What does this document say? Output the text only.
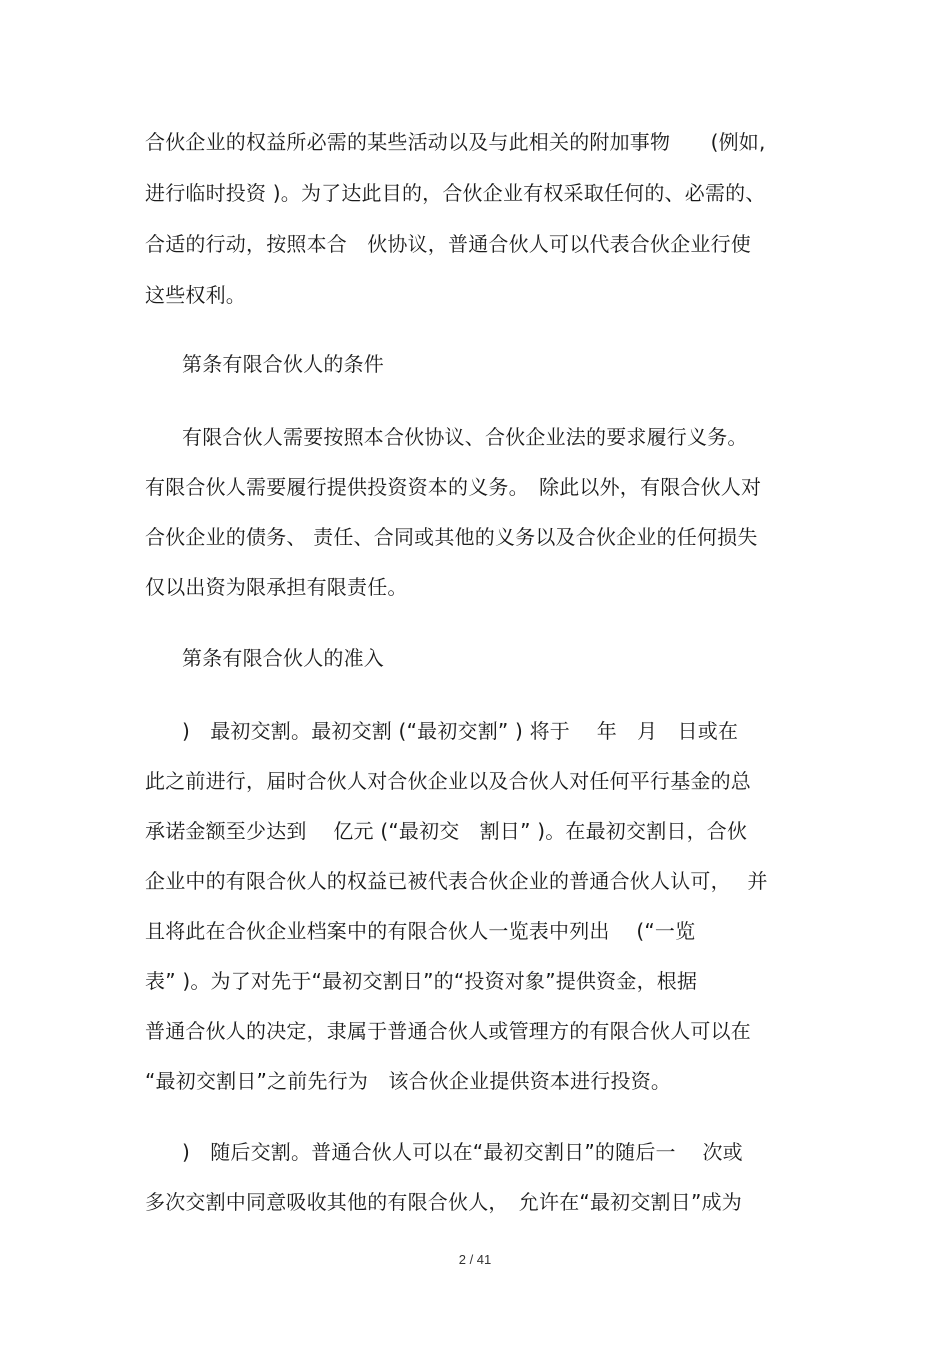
合伙企业的权益所必需的某些活动以及与此相关的附加事物　　(例如,
进行临时投资 )。为了达此目的，合伙企业有权采取任何的、必需的、
合适的行动，按照本合　伙协议，普通合伙人可以代表合伙企业行使
这些权利。
第条有限合伙人的条件
有限合伙人需要按照本合伙协议、合伙企业法的要求履行义务。
有限合伙人需要履行提供投资资本的义务。　除此以外，有限合伙人对
合伙企业的债务、 责任、合同或其他的义务以及合伙企业的任何损失
仅以出资为限承担有限责任。
第条有限合伙人的准入
)　最初交割。最初交割 (“最初交割” ) 将于　 年　月　日或在
此之前进行，届时合伙人对合伙企业以及合伙人对任何平行基金的总
承诺金额至少达到　 亿元 (“最初交　割日” )。在最初交割日，合伙
企业中的有限合伙人的权益已被代表合伙企业的普通合伙人认可，　 并
且将此在合伙企业档案中的有限合伙人一览表中列出　 (“一览
表” )。为了对先于“最初交割日”的“投资对象”提供资金，根据
普通合伙人的决定，隶属于普通合伙人或管理方的有限合伙人可以在
“最初交割日”之前先行为　该合伙企业提供资本进行投资。
)　随后交割。普通合伙人可以在“最初交割日”的随后一　 次或
多次交割中同意吸收其他的有限合伙人，　允许在“最初交割日”成为
2 / 41
